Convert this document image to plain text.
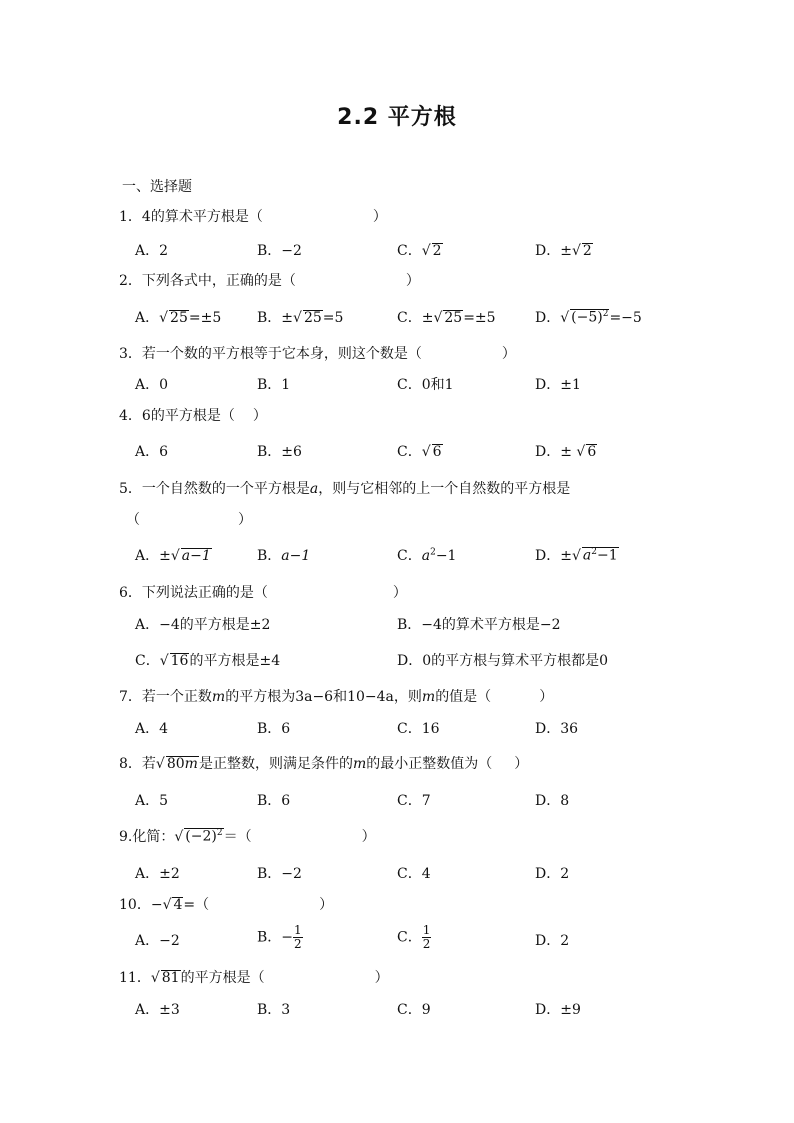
2.2 平方根
一、选择题
1．4的算术平方根是（	）
A．2	B．−2	C．√ 2	D．±√ 2
2．下列各式中，正确的是（	）
A．√ 25=±5	B．±√ 25=5	C．±√ 25=±5	D．√ $(-5)^2=-5$
3．若一个数的平方根等于它本身，则这个数是（	）
A．0	B．1	C．0和1	D．±1
4．6的平方根是（ ）
A．6	B．±6	C．√ 6	D．± √ 6
5．一个自然数的一个平方根是a，则与它相邻的上一个自然数的平方根是
（　　　　　　　）
A．±√ a−1	B．a−1	C．$a^2-1$	D．±√ $a^2-1$
6．下列说法正确的是（	）
A．−4的平方根是±2	B．−4的算术平方根是−2
C．√ 16的平方根是±4	D．0的平方根与算术平方根都是0
7．若一个正数m的平方根为3a−6和10−4a，则m的值是（	）
A．4	B．6	C．16	D．36
8．若√ 80m是正整数，则满足条件的m的最小正整数值为（ ）
A．5	B．6	C．7	D．8
9.化简：√ $(-2)^2=$（	）
A．±2	B．−2	C．4	D．2
10．−√ 4=（	）
A．−2	B．− $\frac{1}{2}$	C． $\frac{1}{2}$	D．2
11．√ 81的平方根是（	）
A．±3	B．3	C．9	D．±9
